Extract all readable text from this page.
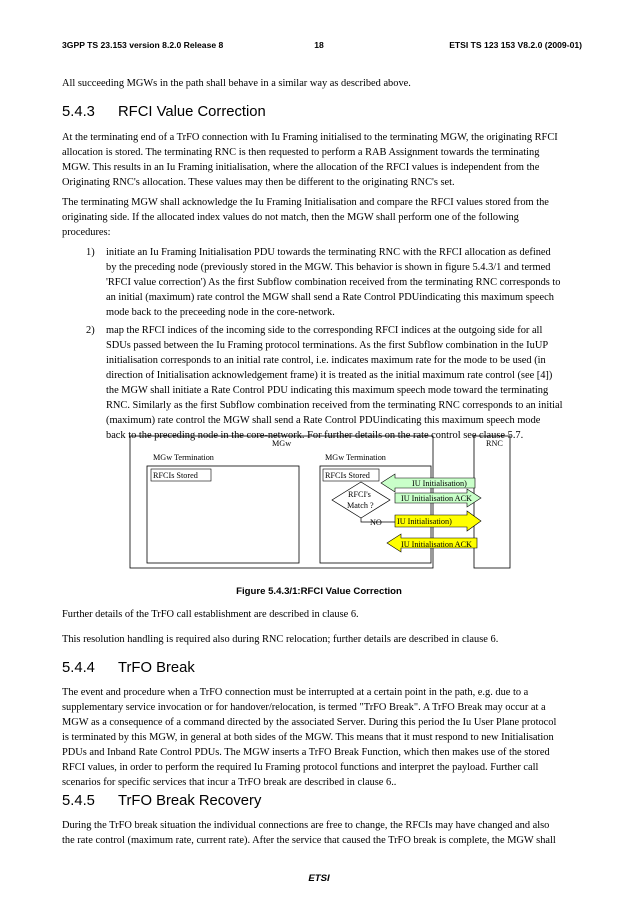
3GPP TS 23.153 version 8.2.0 Release 8	18	ETSI TS 123 153 V8.2.0 (2009-01)

All succeeding MGWs in the path shall behave in a similar way as described above.

5.4.3 RFCI Value Correction
At the terminating end of a TrFO connection with Iu Framing initialised to the terminating MGW, the originating RFCI
allocation is stored. The terminating RNC is then requested to perform a RAB Assignment towards the terminating
MGW. This results in an Iu Framing initialisation, where the allocation of the RFCI values is independent from the
Originating RNC's allocation. These values may then be different to the originating RNC's set.
The terminating MGW shall acknowledge the Iu Framing Initialisation and compare the RFCI values stored from the
originating side. If the allocated index values do not match, then the MGW shall perform one of the following
procedures:
1) initiate an Iu Framing Initialisation PDU towards the terminating RNC with the RFCI allocation as defined
by the preceding node (previously stored in the MGW. This behavior is shown in figure 5.4.3/1 and termed
'RFCI value correction') As the first Subflow combination received from the terminating RNC corresponds to
an initial (maximum) rate control the MGW shall send a Rate Control PDUindicating this maximum speech
mode back to the preceeding node in the core-network.
2) map the RFCI indices of the incoming side to the corresponding RFCI indices at the outgoing side for all
SDUs passed between the Iu Framing protocol terminations. As the first Subflow combination in the IuUP
initialisation corresponds to an initial rate control, i.e. indicates maximum rate for the mode to be used (in
direction of Initialisation acknowledgement frame) it is treated as the initial maximum rate control (see [4])
the MGW shall initiate a Rate Control PDU indicating this maximum speech mode toward the terminating
RNC. Similarly as the first Subflow combination received from the terminating RNC corresponds to an initial
(maximum) rate control the MGW shall send a Rate Control PDUindicating this maximum speech mode
back to the preceding node in the core-network. For further details on the rate control see clause 5.7.
MGw	RNC
MGw Termination
RFCIs Stored
MGw Termination
RFCIs Stored
RFCI's
Match ?
NO
IU Initialisation)
IU Initialisation ACK
IU Initialisation)
IU Initialisation ACK
Figure 5.4.3/1:RFCI Value Correction

Further details of the TrFO call establishment are described in clause 6.

This resolution handling is required also during RNC relocation; further details are described in clause 6.

5.4.4 TrFO Break
The event and procedure when a TrFO connection must be interrupted at a certain point in the path, e.g. due to a
supplementary service invocation or for handover/relocation, is termed "TrFO Break". A TrFO Break may occur at a
MGW as a consequence of a command directed by the associated Server. During this period the Iu User Plane protocol
is terminated by this MGW, in general at both sides of the MGW. This means that it must respond to new Initialisation
PDUs and Inband Rate Control PDUs. The MGW inserts a TrFO Break Function, which then makes use of the stored
RFCI values, in order to perform the required Iu Framing protocol functions and interpret the payload. Further call
scenarios for specific services that incur a TrFO break are described in clause 6..
5.4.5 TrFO Break Recovery
During the TrFO break situation the individual connections are free to change, the RFCIs may have changed and also
the rate control (maximum rate, current rate). After the service that caused the TrFO break is complete, the MGW shall
ETSI
